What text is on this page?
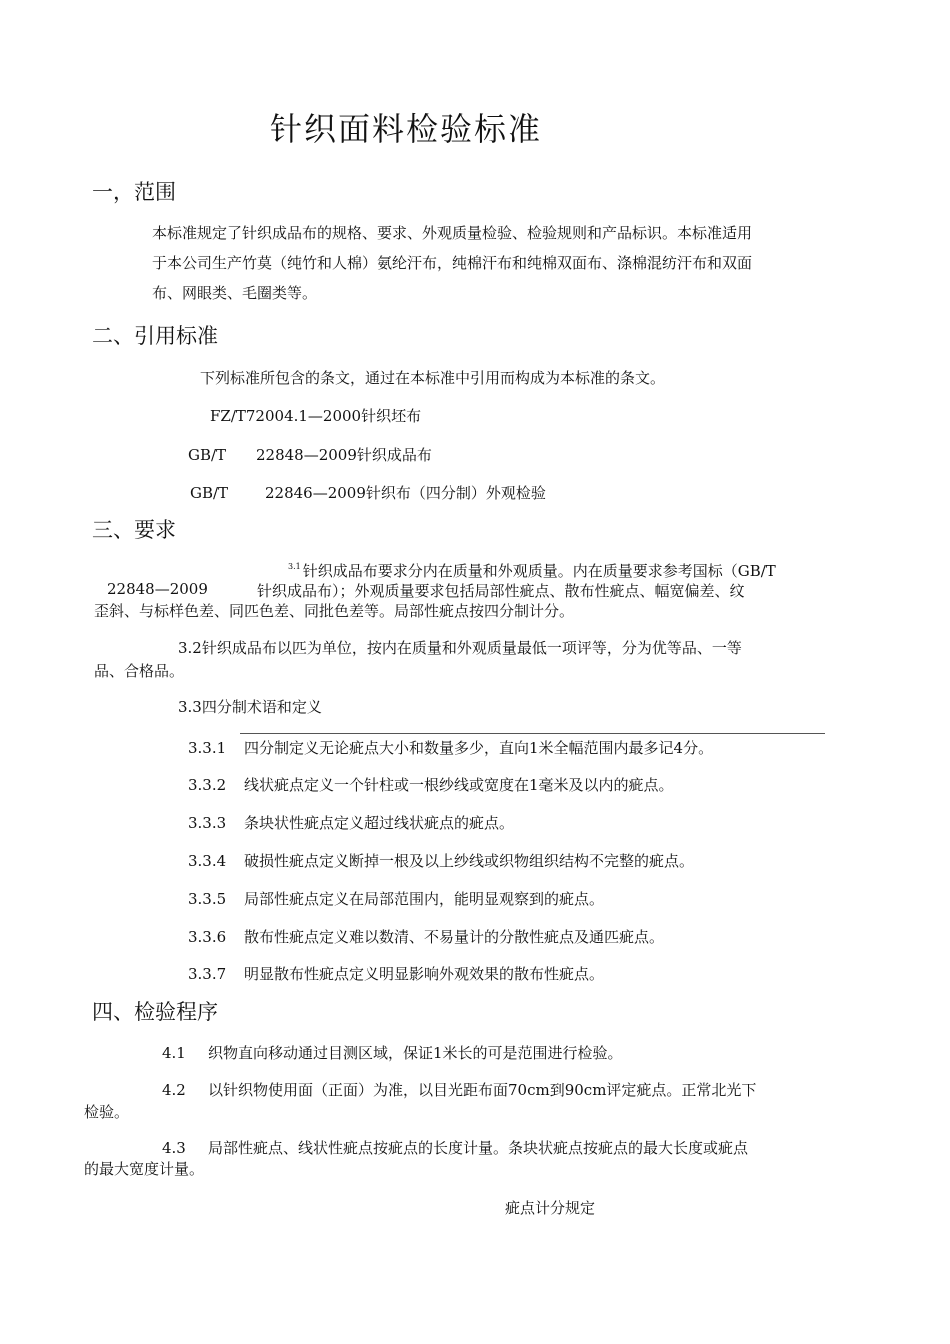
针织面料检验标准
一，范围
本标准规定了针织成品布的规格、要求、外观质量检验、检验规则和产品标识。本标准适用
于本公司生产竹莫（纯竹和人棉）氨纶汗布，纯棉汗布和纯棉双面布、涤棉混纺汗布和双面
布、网眼类、毛圈类等。
二、引用标准
下列标准所包含的条文，通过在本标准中引用而构成为本标准的条文。
FZ/T72004.1—2000针织坯布
GB/T 22848—2009针织成品布
GB/T 22846—2009针织布（四分制）外观检验
三、要求
$^{3.1}$ 针织成品布要求分内在质量和外观质量。内在质量要求参考国标（GB/T
22848—2009	针织成品布）；外观质量要求包括局部性疵点、散布性疵点、幅宽偏差、纹
歪斜、与标样色差、同匹色差、同批色差等。局部性疵点按四分制计分。
3.2针织成品布以匹为单位，按内在质量和外观质量最低一项评等，分为优等品、一等
品、合格品。
3.3四分制术语和定义
3.3.1 四分制定义无论疵点大小和数量多少，直向1米全幅范围内最多记4分。
3.3.2 线状疵点定义一个针柱或一根纱线或宽度在1毫米及以内的疵点。
3.3.3 条块状性疵点定义超过线状疵点的疵点。
3.3.4 破损性疵点定义断掉一根及以上纱线或织物组织结构不完整的疵点。
3.3.5 局部性疵点定义在局部范围内，能明显观察到的疵点。
3.3.6 散布性疵点定义难以数清、不易量计的分散性疵点及通匹疵点。
3.3.7 明显散布性疵点定义明显影响外观效果的散布性疵点。
四、检验程序
4.1 织物直向移动通过目测区域，保证1米长的可是范围进行检验。
4.2 以针织物使用面（正面）为准，以目光距布面70cm到90cm评定疵点。正常北光下
检验。
4.3 局部性疵点、线状性疵点按疵点的长度计量。条块状疵点按疵点的最大长度或疵点
的最大宽度计量。
疵点计分规定
